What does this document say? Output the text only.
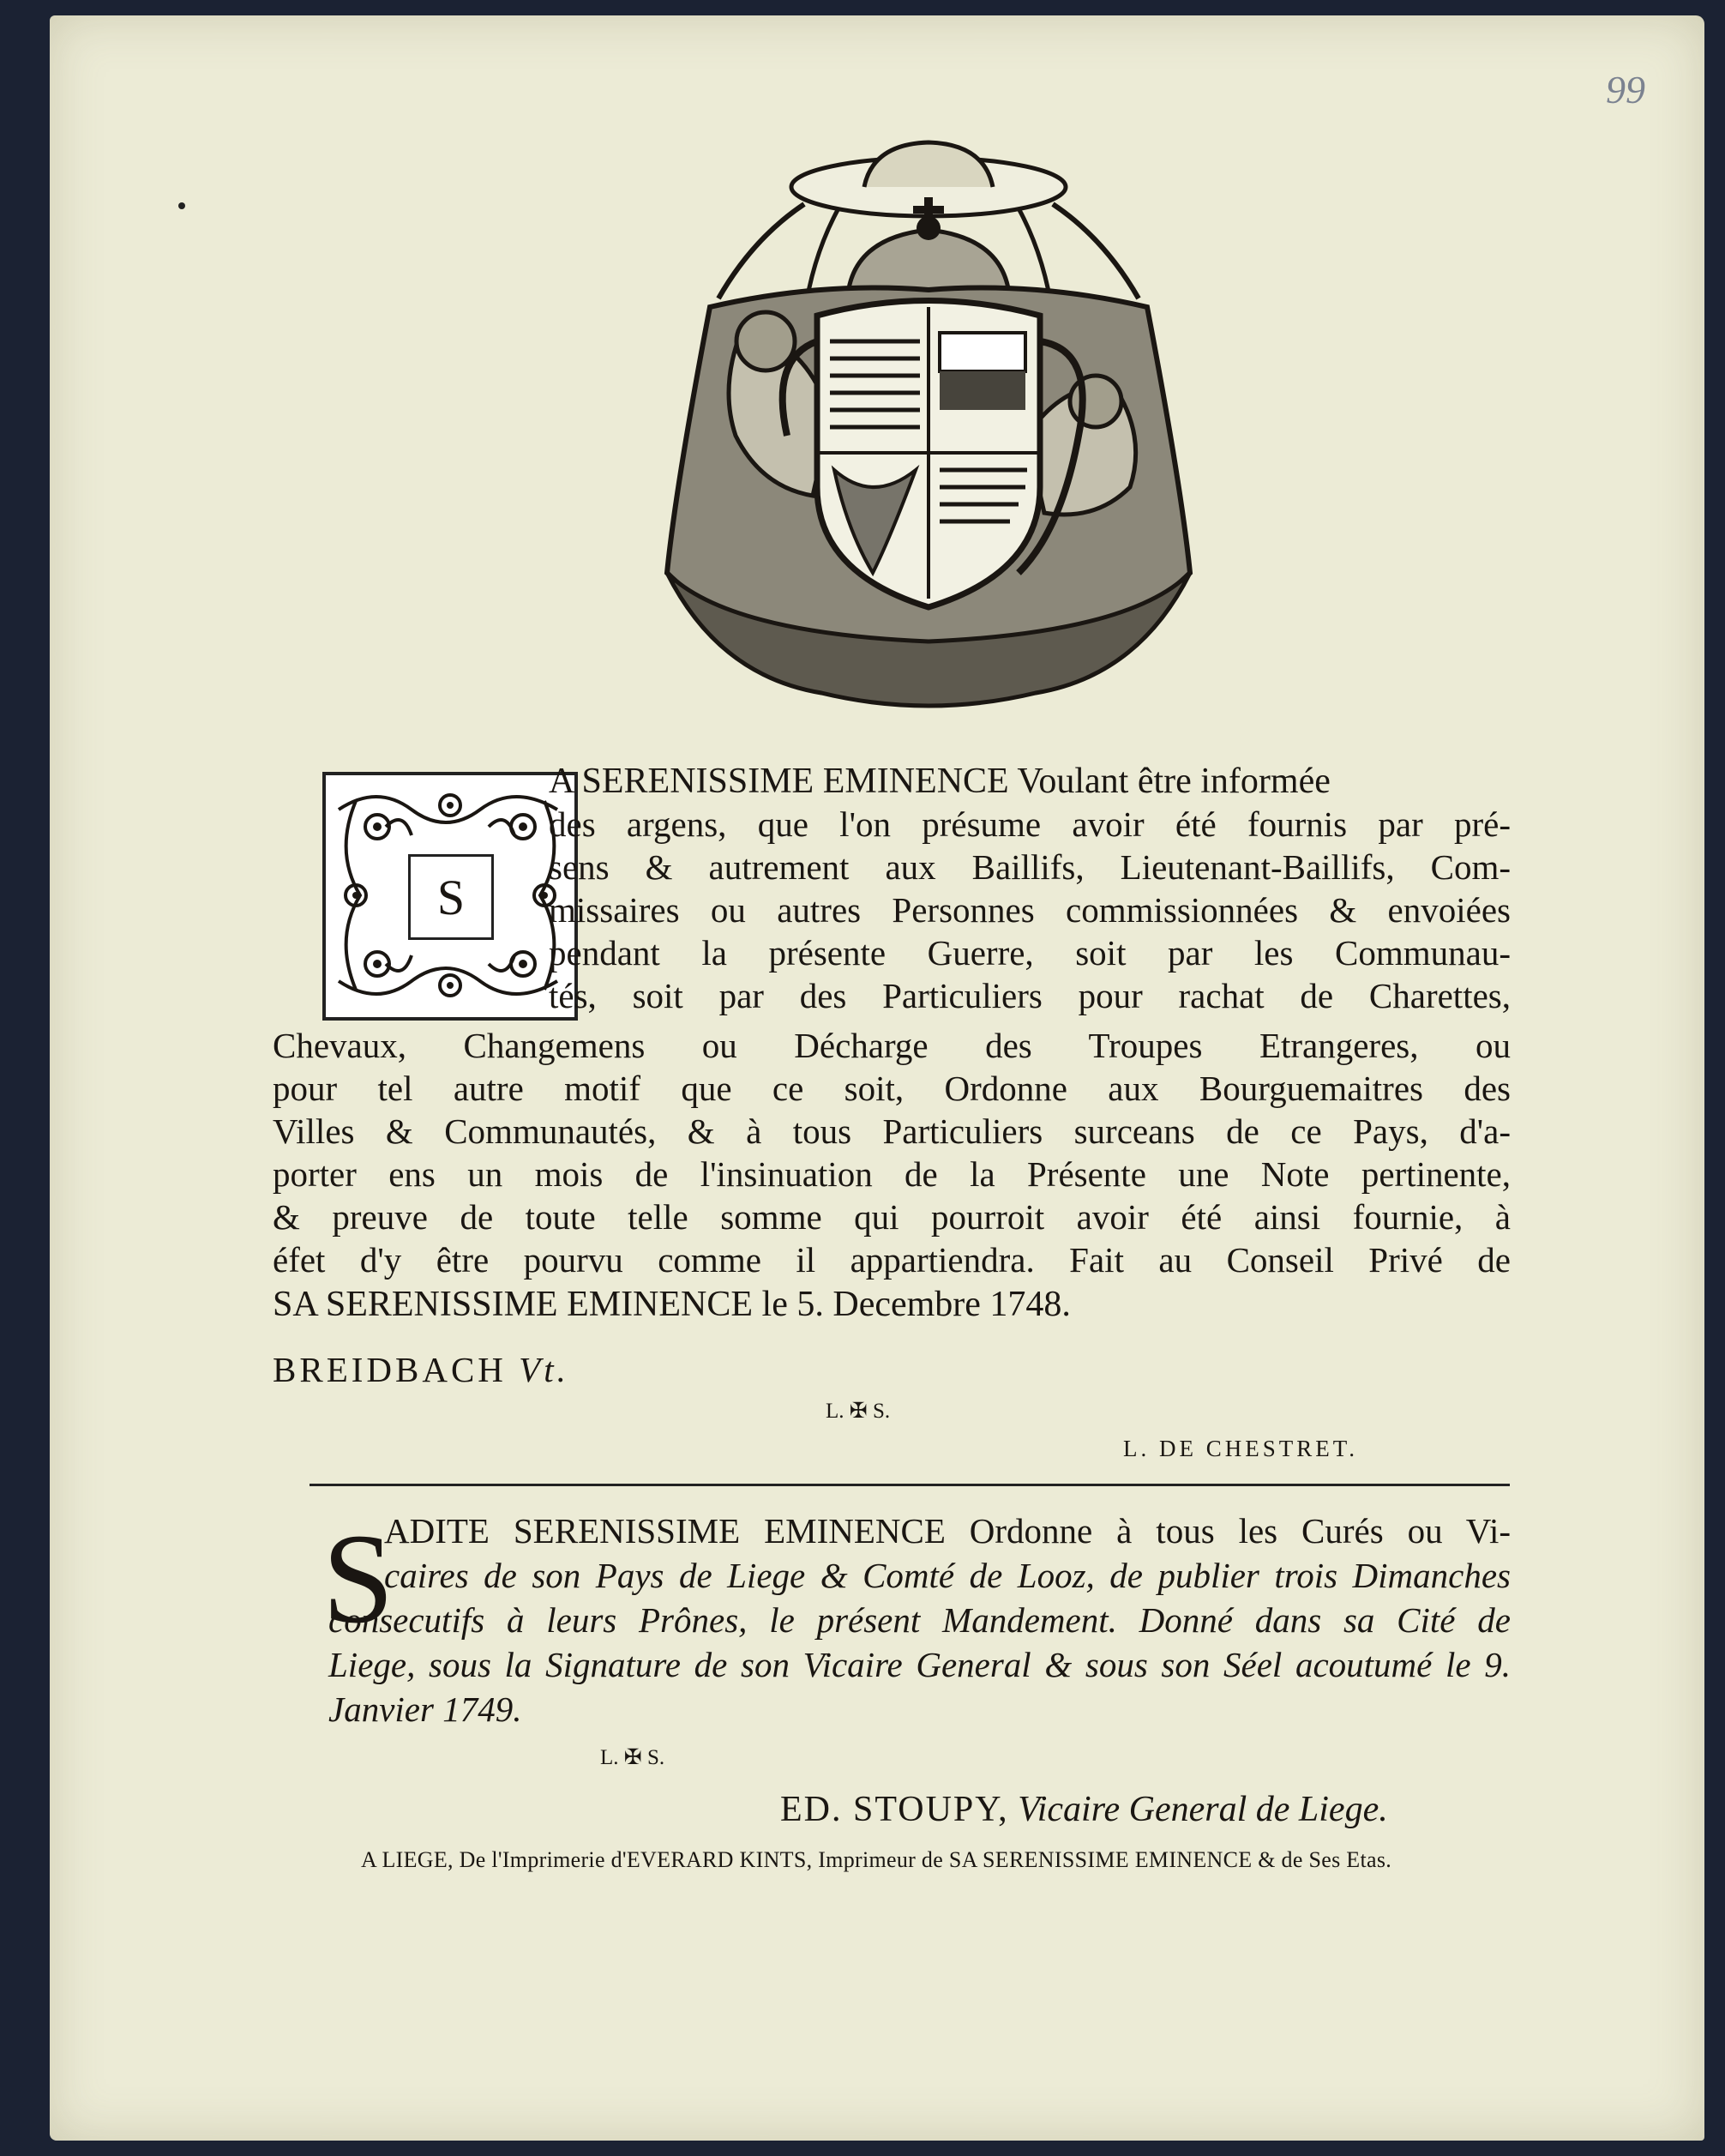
99
S
A SERENISSIME EMINENCE Voulant être informée
des argens, que l'on présume avoir été fournis par pré-
sens & autrement aux Baillifs, Lieutenant-Baillifs, Com-
missaires ou autres Personnes commissionnées & envoiées
pendant la présente Guerre, soit par les Communau-
tés, soit par des Particuliers pour rachat de Charettes,
Chevaux, Changemens ou Décharge des Troupes Etrangeres, ou
pour tel autre motif que ce soit, Ordonne aux Bourguemaitres des
Villes & Communautés, & à tous Particuliers surceans de ce Pays, d'a-
porter ens un mois de l'insinuation de la Présente une Note pertinente,
& preuve de toute telle somme qui pourroit avoir été ainsi fournie, à
éfet d'y être pourvu comme il appartiendra. Fait au Conseil Privé de
SA SERENISSIME EMINENCE le 5. Decembre 1748.
BREIDBACH Vt.
L. ✠ S.
L. DE CHESTRET.
S
ADITE SERENISSIME EMINENCE Ordonne à tous les Curés ou Vi-
caires de son Pays de Liege & Comté de Looz, de publier trois Dimanches
consecutifs à leurs Prônes, le présent Mandement. Donné dans sa Cité de
Liege, sous la Signature de son Vicaire General & sous son Séel acoutumé le 9.
Janvier 1749.
L. ✠ S.
ED. STOUPY, Vicaire General de Liege.
A LIEGE, De l'Imprimerie d'EVERARD KINTS, Imprimeur de SA SERENISSIME EMINENCE & de Ses Etas.
